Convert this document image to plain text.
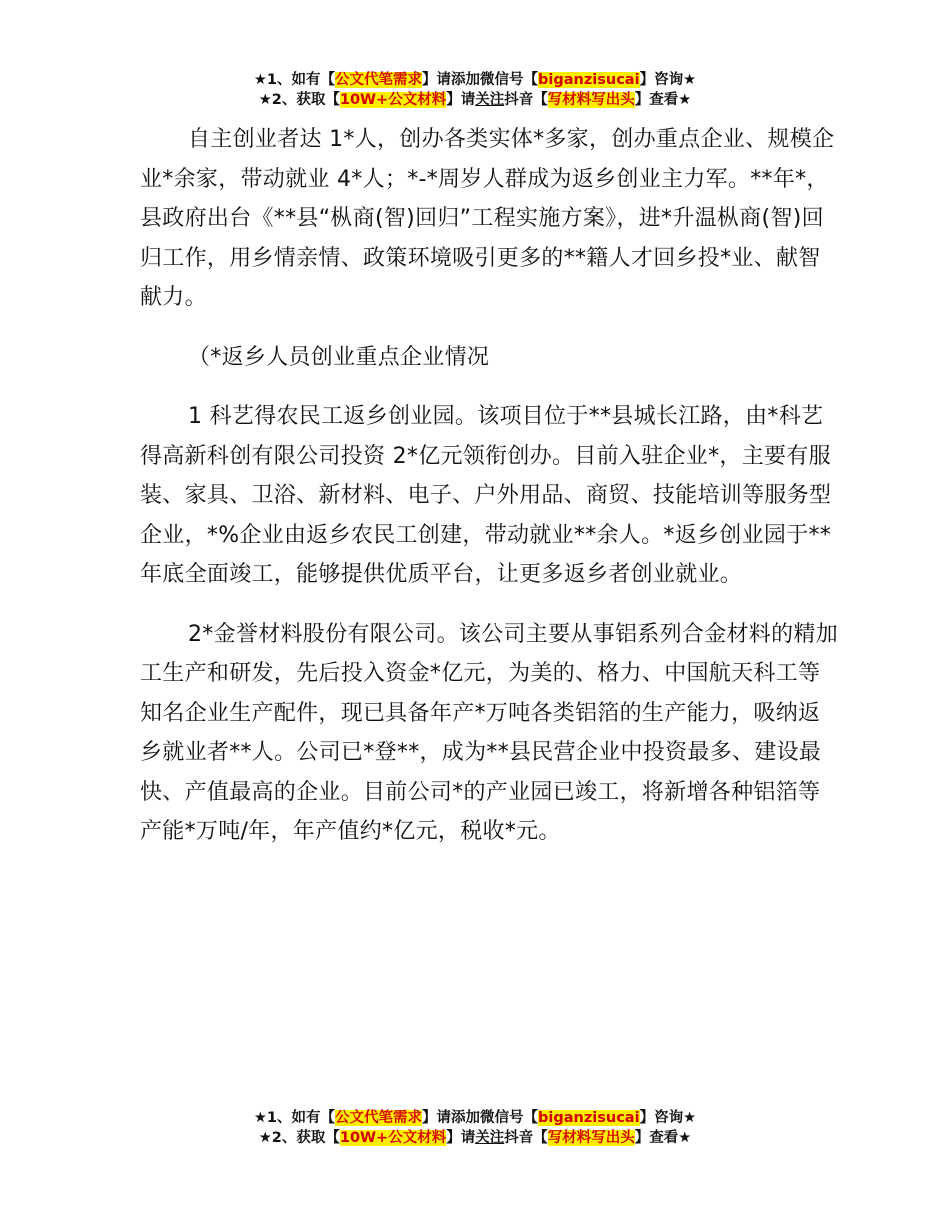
★1、如有【公文代笔需求】请添加微信号【biganzisucai】咨询★
★2、获取【10W+公文材料】请关注抖音【写材料写出头】查看★

自主创业者达 1*人，创办各类实体*多家，创办重点企业、规模企业*余家，带动就业 4*人；*-*周岁人群成为返乡创业主力军。**年*，县政府出台《**县“枞商(智)回归”工程实施方案》，进*升温枞商(智)回归工作，用乡情亲情、政策环境吸引更多的**籍人才回乡投*业、献智献力。

（*返乡人员创业重点企业情况

1 科艺得农民工返乡创业园。该项目位于**县城长江路，由*科艺得高新科创有限公司投资 2*亿元领衔创办。目前入驻企业*，主要有服装、家具、卫浴、新材料、电子、户外用品、商贸、技能培训等服务型企业，*%企业由返乡农民工创建，带动就业**余人。*返乡创业园于**年底全面竣工，能够提供优质平台，让更多返乡者创业就业。

2*金誉材料股份有限公司。该公司主要从事铝系列合金材料的精加工生产和研发，先后投入资金*亿元，为美的、格力、中国航天科工等知名企业生产配件，现已具备年产*万吨各类铝箔的生产能力，吸纳返乡就业者**人。公司已*登**，成为**县民营企业中投资最多、建设最快、产值最高的企业。目前公司*的产业园已竣工，将新增各种铝箔等产能*万吨/年，年产值约*亿元，税收*元。

★1、如有【公文代笔需求】请添加微信号【biganzisucai】咨询★
★2、获取【10W+公文材料】请关注抖音【写材料写出头】查看★
